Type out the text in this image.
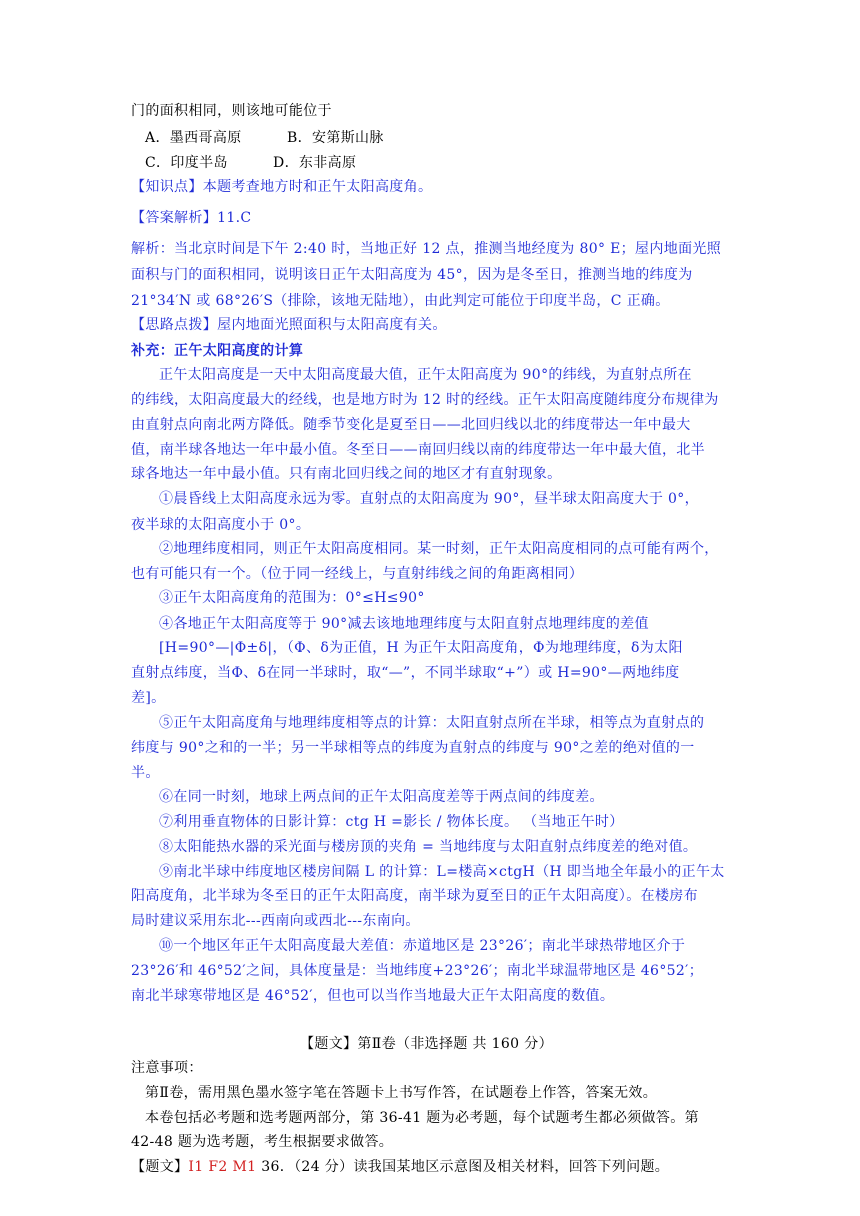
门的面积相同，则该地可能位于
A．墨西哥高原	B．安第斯山脉
C．印度半岛	D．东非高原
【知识点】本题考查地方时和正午太阳高度角。
【答案解析】11.C
解析：当北京时间是下午 2:40 时，当地正好 12 点，推测当地经度为 80° E；屋内地面光照
面积与门的面积相同，说明该日正午太阳高度为 45°，因为是冬至日，推测当地的纬度为
21°34′N 或 68°26′S（排除，该地无陆地），由此判定可能位于印度半岛，C 正确。
【思路点拨】屋内地面光照面积与太阳高度有关。
补充：正午太阳高度的计算
正午太阳高度是一天中太阳高度最大值，正午太阳高度为 90°的纬线，为直射点所在
的纬线，太阳高度最大的经线，也是地方时为 12 时的经线。正午太阳高度随纬度分布规律为
由直射点向南北两方降低。随季节变化是夏至日——北回归线以北的纬度带达一年中最大
值，南半球各地达一年中最小值。冬至日——南回归线以南的纬度带达一年中最大值，北半
球各地达一年中最小值。只有南北回归线之间的地区才有直射现象。
①晨昏线上太阳高度永远为零。直射点的太阳高度为 90°，昼半球太阳高度大于 0°，
夜半球的太阳高度小于 0°。
②地理纬度相同，则正午太阳高度相同。某一时刻，正午太阳高度相同的点可能有两个，
也有可能只有一个。（位于同一经线上，与直射纬线之间的角距离相同）
③正午太阳高度角的范围为：0°≤H≤90°
④各地正午太阳高度等于 90°减去该地地理纬度与太阳直射点地理纬度的差值
[H=90°—|Φ±δ|，（Φ、δ为正值，H 为正午太阳高度角，Φ为地理纬度，δ为太阳
直射点纬度，当Φ、δ在同一半球时，取“—”，不同半球取“+”）或 H=90°—两地纬度
差]。
⑤正午太阳高度角与地理纬度相等点的计算：太阳直射点所在半球，相等点为直射点的
纬度与 90°之和的一半；另一半球相等点的纬度为直射点的纬度与 90°之差的绝对值的一
半。
⑥在同一时刻，地球上两点间的正午太阳高度差等于两点间的纬度差。
⑦利用垂直物体的日影计算：ctg H =影长 / 物体长度。 （当地正午时）
⑧太阳能热水器的采光面与楼房顶的夹角 = 当地纬度与太阳直射点纬度差的绝对值。
⑨南北半球中纬度地区楼房间隔 L 的计算：L=楼高×ctgH（H 即当地全年最小的正午太
阳高度角，北半球为冬至日的正午太阳高度，南半球为夏至日的正午太阳高度）。在楼房布
局时建议采用东北---西南向或西北---东南向。
⑩一个地区年正午太阳高度最大差值：赤道地区是 23°26′；南北半球热带地区介于
23°26′和 46°52′之间，具体度量是：当地纬度+23°26′；南北半球温带地区是 46°52′；
南北半球寒带地区是 46°52′，但也可以当作当地最大正午太阳高度的数值。
【题文】第Ⅱ卷（非选择题 共 160 分）
注意事项：
第Ⅱ卷，需用黑色墨水签字笔在答题卡上书写作答，在试题卷上作答，答案无效。
本卷包括必考题和选考题两部分，第 36-41 题为必考题，每个试题考生都必须做答。第
42-48 题为选考题，考生根据要求做答。
【题文】I1 F2 M1 36．（24 分）读我国某地区示意图及相关材料，回答下列问题。
